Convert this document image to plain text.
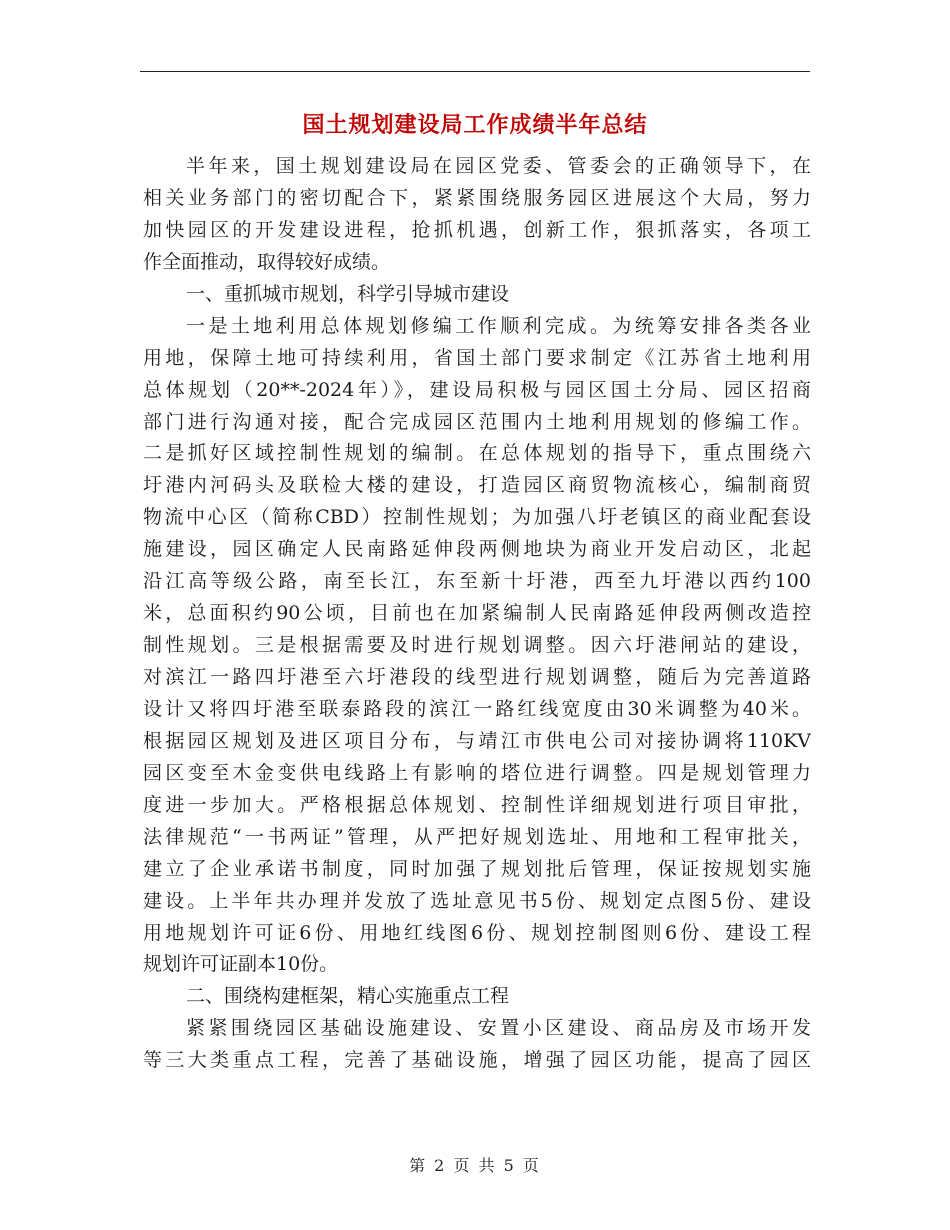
国土规划建设局工作成绩半年总结
半年来，国土规划建设局在园区党委、管委会的正确领导下，在
相关业务部门的密切配合下，紧紧围绕服务园区进展这个大局，努力
加快园区的开发建设进程，抢抓机遇，创新工作，狠抓落实，各项工
作全面推动，取得较好成绩。
一、重抓城市规划，科学引导城市建设
一是土地利用总体规划修编工作顺利完成。为统筹安排各类各业
用地，保障土地可持续利用，省国土部门要求制定《江苏省土地利用
总体规划（20**-2024年）》，建设局积极与园区国土分局、园区招商
部门进行沟通对接，配合完成园区范围内土地利用规划的修编工作。
二是抓好区域控制性规划的编制。在总体规划的指导下，重点围绕六
圩港内河码头及联检大楼的建设，打造园区商贸物流核心，编制商贸
物流中心区（简称CBD）控制性规划；为加强八圩老镇区的商业配套设
施建设，园区确定人民南路延伸段两侧地块为商业开发启动区，北起
沿江高等级公路，南至长江，东至新十圩港，西至九圩港以西约100
米，总面积约90公顷，目前也在加紧编制人民南路延伸段两侧改造控
制性规划。三是根据需要及时进行规划调整。因六圩港闸站的建设，
对滨江一路四圩港至六圩港段的线型进行规划调整，随后为完善道路
设计又将四圩港至联泰路段的滨江一路红线宽度由30米调整为40米。
根据园区规划及进区项目分布，与靖江市供电公司对接协调将110KV
园区变至木金变供电线路上有影响的塔位进行调整。四是规划管理力
度进一步加大。严格根据总体规划、控制性详细规划进行项目审批，
法律规范“一书两证”管理，从严把好规划选址、用地和工程审批关，
建立了企业承诺书制度，同时加强了规划批后管理，保证按规划实施
建设。上半年共办理并发放了选址意见书5份、规划定点图5份、建设
用地规划许可证6份、用地红线图6份、规划控制图则6份、建设工程
规划许可证副本10份。
二、围绕构建框架，精心实施重点工程
紧紧围绕园区基础设施建设、安置小区建设、商品房及市场开发
等三大类重点工程，完善了基础设施，增强了园区功能，提高了园区
第 2 页 共 5 页
